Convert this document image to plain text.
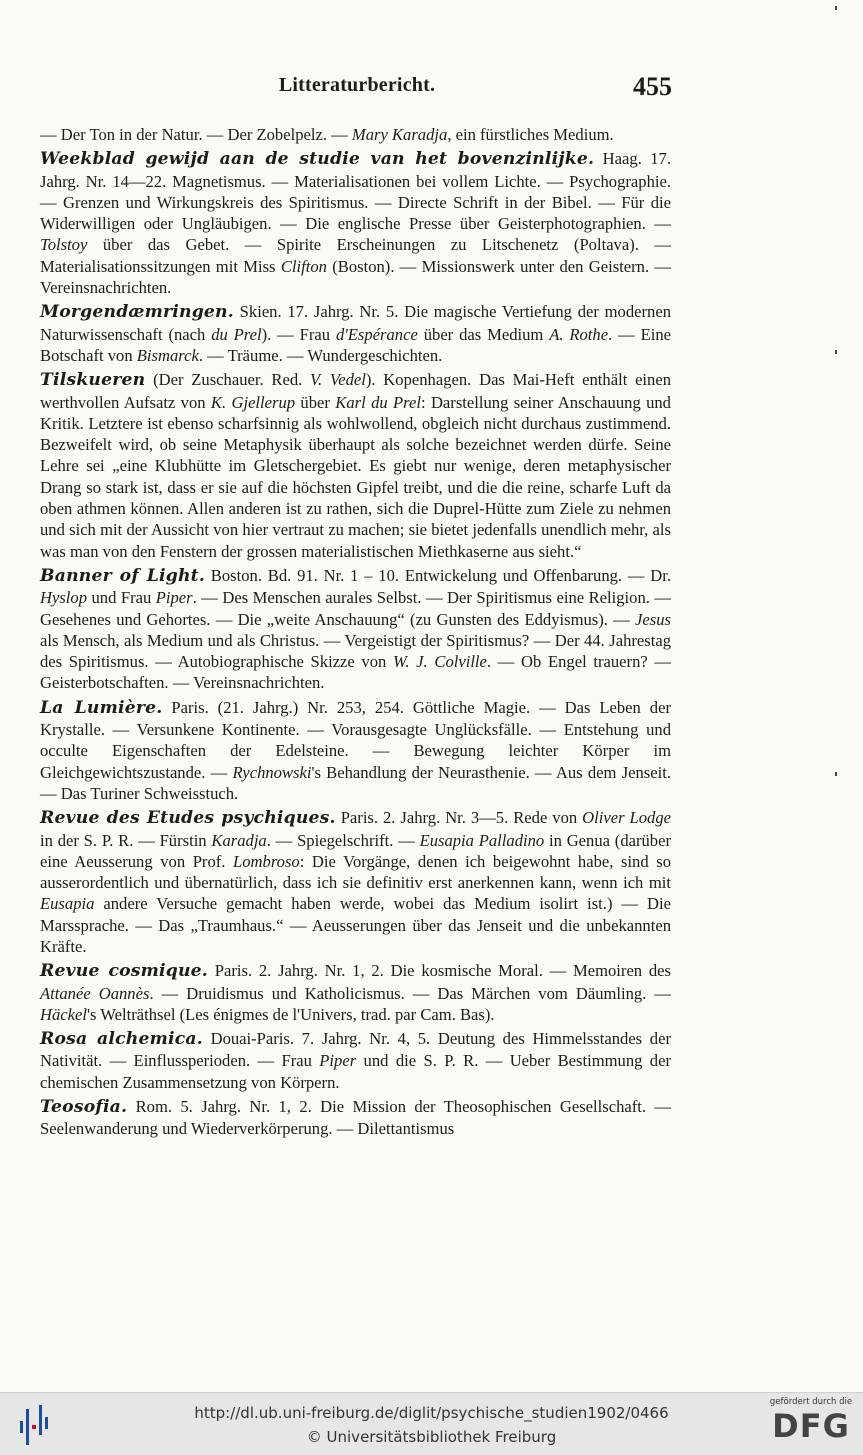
Litteraturbericht.	455

— Der Ton in der Natur. — Der Zobelpelz. — Mary Karadja, ein fürstliches Medium.

Weekblad gewijd aan de studie van het bovenzinlijke. Haag. 17. Jahrg. Nr. 14—22. Magnetismus. — Materialisationen bei vollem Lichte. — Psychographie. — Grenzen und Wirkungskreis des Spiritismus. — Directe Schrift in der Bibel. — Für die Widerwilligen oder Ungläubigen. — Die englische Presse über Geisterphotographien. — Tolstoy über das Gebet. — Spirite Erscheinungen zu Litschenetz (Poltava). — Materialisationssitzungen mit Miss Clifton (Boston). — Missionswerk unter den Geistern. — Vereinsnachrichten.

Morgendæmringen. Skien. 17. Jahrg. Nr. 5. Die magische Vertiefung der modernen Naturwissenschaft (nach du Prel). — Frau d'Espérance über das Medium A. Rothe. — Eine Botschaft von Bismarck. — Träume. — Wundergeschichten.

Tilskueren (Der Zuschauer. Red. V. Vedel). Kopenhagen. Das Mai-Heft enthält einen werthvollen Aufsatz von K. Gjellerup über Karl du Prel: Darstellung seiner Anschauung und Kritik. Letztere ist ebenso scharfsinnig als wohlwollend, obgleich nicht durchaus zustimmend. Bezweifelt wird, ob seine Metaphysik überhaupt als solche bezeichnet werden dürfe. Seine Lehre sei „eine Klubhütte im Gletschergebiet. Es giebt nur wenige, deren metaphysischer Drang so stark ist, dass er sie auf die höchsten Gipfel treibt, und die die reine, scharfe Luft da oben athmen können. Allen anderen ist zu rathen, sich die Duprel-Hütte zum Ziele zu nehmen und sich mit der Aussicht von hier vertraut zu machen; sie bietet jedenfalls unendlich mehr, als was man von den Fenstern der grossen materialistischen Miethkaserne aus sieht.“

Banner of Light. Boston. Bd. 91. Nr. 1 – 10. Entwickelung und Offenbarung. — Dr. Hyslop und Frau Piper. — Des Menschen aurales Selbst. — Der Spiritismus eine Religion. — Gesehenes und Gehortes. — Die „weite Anschauung“ (zu Gunsten des Eddyismus). — Jesus als Mensch, als Medium und als Christus. — Vergeistigt der Spiritismus? — Der 44. Jahrestag des Spiritismus. — Autobiographische Skizze von W. J. Colville. — Ob Engel trauern? — Geisterbotschaften. — Vereinsnachrichten.

La Lumière. Paris. (21. Jahrg.) Nr. 253, 254. Göttliche Magie. — Das Leben der Krystalle. — Versunkene Kontinente. — Vorausgesagte Unglücksfälle. — Entstehung und occulte Eigenschaften der Edelsteine. — Bewegung leichter Körper im Gleichgewichtszustande. — Rychnowski's Behandlung der Neurasthenie. — Aus dem Jenseit. — Das Turiner Schweisstuch.

Revue des Etudes psychiques. Paris. 2. Jahrg. Nr. 3—5. Rede von Oliver Lodge in der S. P. R. — Fürstin Karadja. — Spiegelschrift. — Eusapia Palladino in Genua (darüber eine Aeusserung von Prof. Lombroso: Die Vorgänge, denen ich beigewohnt habe, sind so ausserordentlich und übernatürlich, dass ich sie definitiv erst anerkennen kann, wenn ich mit Eusapia andere Versuche gemacht haben werde, wobei das Medium isolirt ist.) — Die Marssprache. — Das „Traumhaus.“ — Aeusserungen über das Jenseit und die unbekannten Kräfte.

Revue cosmique. Paris. 2. Jahrg. Nr. 1, 2. Die kosmische Moral. — Memoiren des Attanée Oannès. — Druidismus und Katholicismus. — Das Märchen vom Däumling. — Häckel's Welträthsel (Les énigmes de l'Univers, trad. par Cam. Bas).

Rosa alchemica. Douai-Paris. 7. Jahrg. Nr. 4, 5. Deutung des Himmelsstandes der Nativität. — Einflussperioden. — Frau Piper und die S. P. R. — Ueber Bestimmung der chemischen Zusammensetzung von Körpern.

Teosofia. Rom. 5. Jahrg. Nr. 1, 2. Die Mission der Theosophischen Gesellschaft. — Seelenwanderung und Wiederverkörperung. — Dilettantismus

http://dl.ub.uni-freiburg.de/diglit/psychische_studien1902/0466
© Universitätsbibliothek Freiburg
gefördert durch die
DFG
